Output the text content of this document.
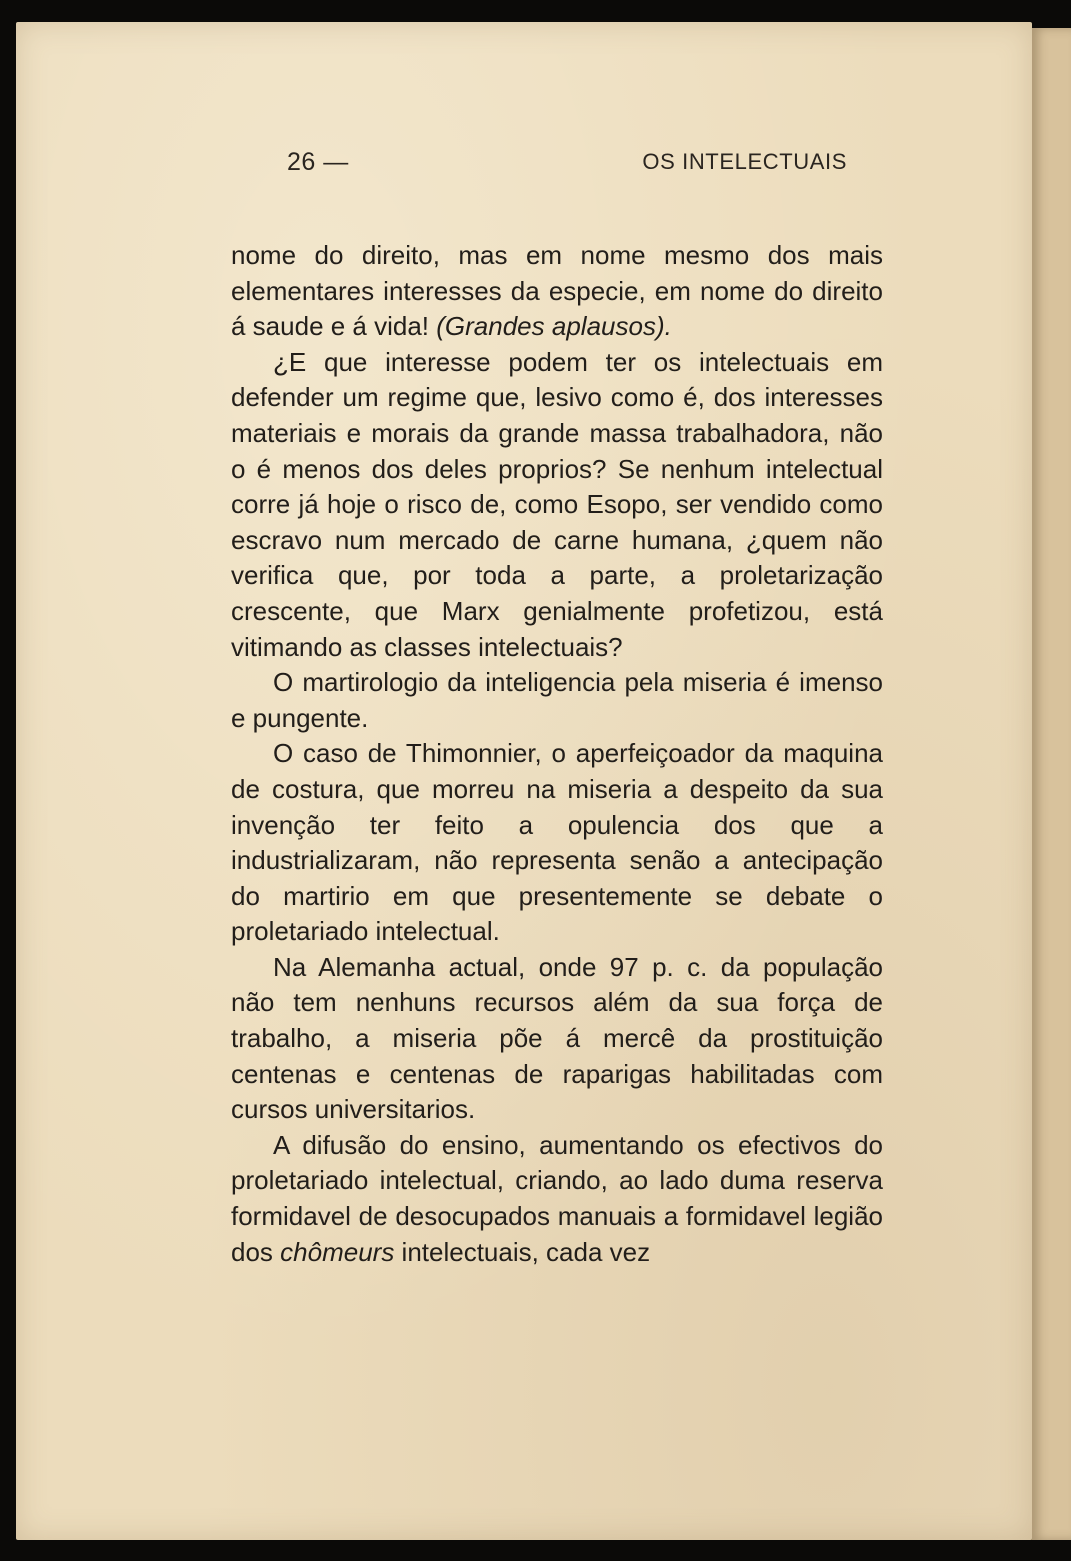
26 —	OS INTELECTUAIS

nome do direito, mas em nome mesmo dos mais elementares interesses da especie, em nome do direito á saude e á vida! (Grandes aplausos).

¿E que interesse podem ter os intelectuais em defender um regime que, lesivo como é, dos interesses materiais e morais da grande massa trabalhadora, não o é menos dos deles proprios? Se nenhum intelectual corre já hoje o risco de, como Esopo, ser vendido como escravo num mercado de carne humana, ¿quem não verifica que, por toda a parte, a proletarização crescente, que Marx genialmente profetizou, está vitimando as classes intelectuais?

O martirologio da inteligencia pela miseria é imenso e pungente.

O caso de Thimonnier, o aperfeiçoador da maquina de costura, que morreu na miseria a despeito da sua invenção ter feito a opulencia dos que a industrializaram, não representa senão a antecipação do martirio em que presentemente se debate o proletariado intelectual.

Na Alemanha actual, onde 97 p. c. da população não tem nenhuns recursos além da sua força de trabalho, a miseria põe á mercê da prostituição centenas e centenas de raparigas habilitadas com cursos universitarios.

A difusão do ensino, aumentando os efectivos do proletariado intelectual, criando, ao lado duma reserva formidavel de desocupados manuais a formidavel legião dos chômeurs intelectuais, cada vez
